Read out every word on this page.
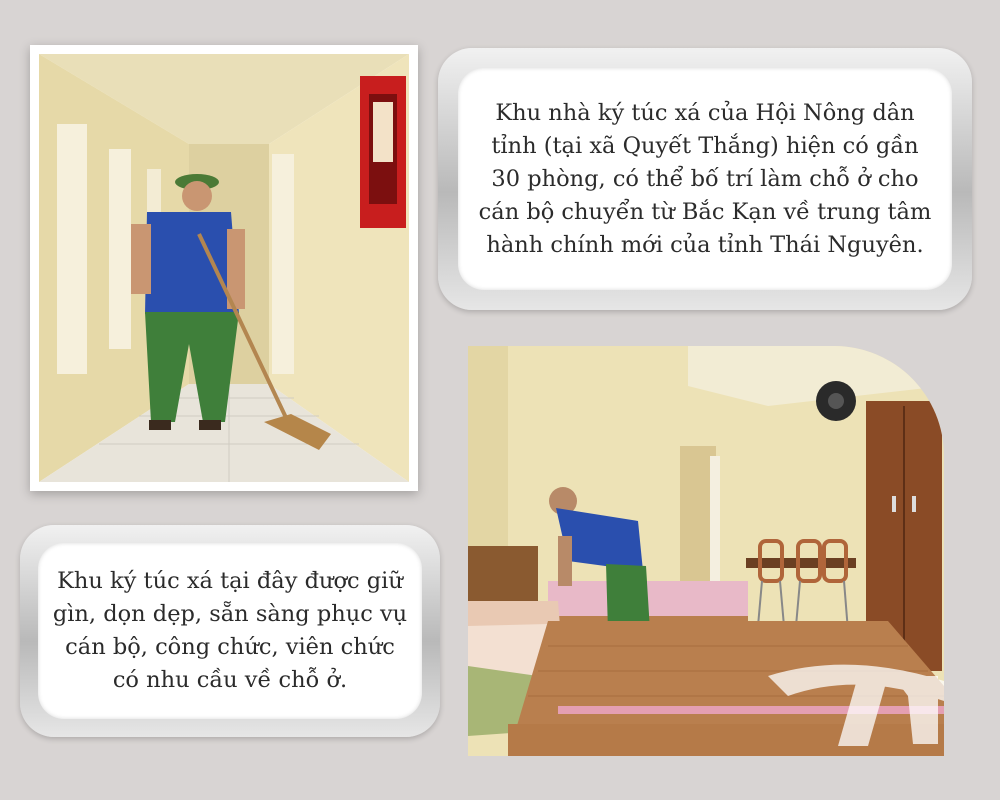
Khu nhà ký túc xá của Hội Nông dân tỉnh (tại xã Quyết Thắng) hiện có gần 30 phòng, có thể bố trí làm chỗ ở cho cán bộ chuyển từ Bắc Kạn về trung tâm hành chính mới của tỉnh Thái Nguyên.
Khu ký túc xá tại đây được giữ gìn, dọn dẹp, sẵn sàng phục vụ cán bộ, công chức, viên chức có nhu cầu về chỗ ở.
